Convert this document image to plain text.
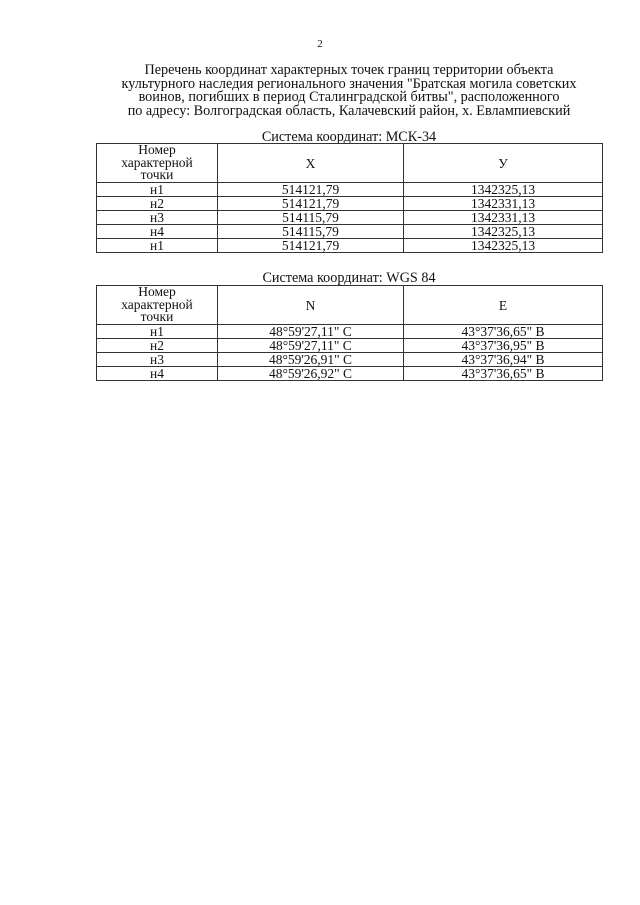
2
Перечень координат характерных точек границ территории объекта
культурного наследия регионального значения "Братская могила советских
воинов, погибших в период Сталинградской битвы", расположенного
по адресу: Волгоградская область, Калачевский район, х. Евлампиевский
Система координат: МСК-34
Номер
характерной
точки	X	У
н1	514121,79	1342325,13
н2	514121,79	1342331,13
н3	514115,79	1342331,13
н4	514115,79	1342325,13
н1	514121,79	1342325,13
Система координат: WGS 84
Номер
характерной
точки	N	E
н1	48°59'27,11" С	43°37'36,65" В
н2	48°59'27,11" С	43°37'36,95" В
н3	48°59'26,91" С	43°37'36,94" В
н4	48°59'26,92" С	43°37'36,65" В
